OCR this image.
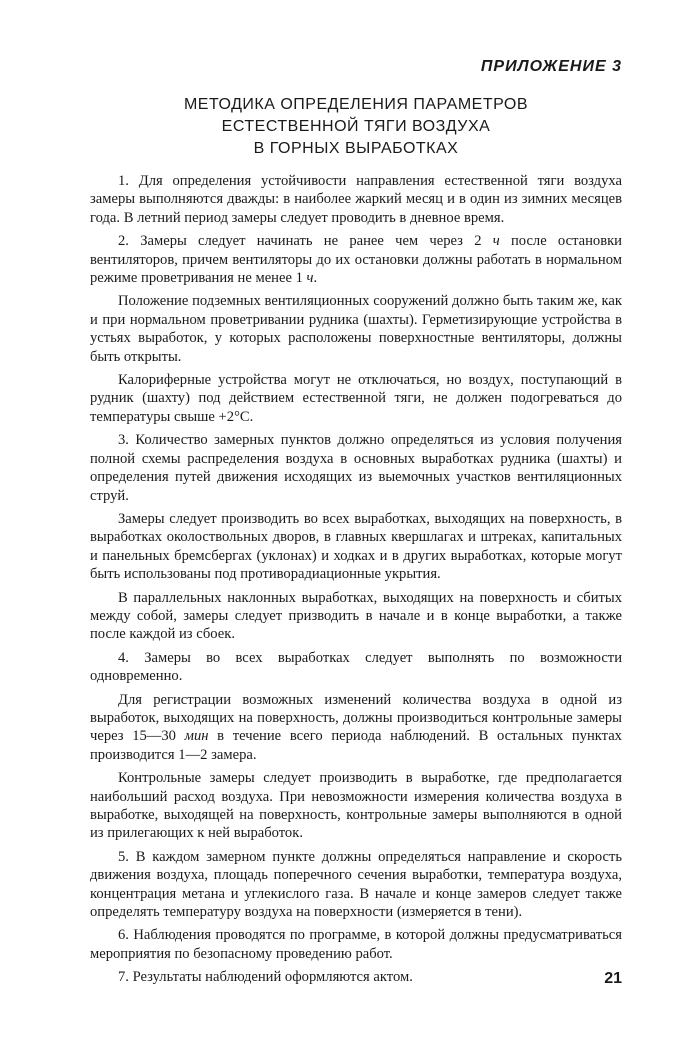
ПРИЛОЖЕНИЕ 3
МЕТОДИКА ОПРЕДЕЛЕНИЯ ПАРАМЕТРОВ
ЕСТЕСТВЕННОЙ ТЯГИ ВОЗДУХА
В ГОРНЫХ ВЫРАБОТКАХ

1. Для определения устойчивости направления естественной тяги воздуха замеры выполняются дважды: в наиболее жаркий месяц и в один из зимних месяцев года. В летний период замеры следует проводить в дневное время.

2. Замеры следует начинать не ранее чем через 2 ч после остановки вентиляторов, причем вентиляторы до их остановки должны работать в нормальном режиме проветривания не менее 1 ч.

Положение подземных вентиляционных сооружений должно быть таким же, как и при нормальном проветривании рудника (шахты). Герметизирующие устройства в устьях выработок, у которых расположены поверхностные вентиляторы, должны быть открыты.

Калориферные устройства могут не отключаться, но воздух, поступающий в рудник (шахту) под действием естественной тяги, не должен подогреваться до температуры свыше +2°С.

3. Количество замерных пунктов должно определяться из условия получения полной схемы распределения воздуха в основных выработках рудника (шахты) и определения путей движения исходящих из выемочных участков вентиляционных струй.

Замеры следует производить во всех выработках, выходящих на поверхность, в выработках околоствольных дворов, в главных квершлагах и штреках, капитальных и панельных бремсбергах (уклонах) и ходках и в других выработках, которые могут быть использованы под противорадиационные укрытия.

В параллельных наклонных выработках, выходящих на поверхность и сбитых между собой, замеры следует призводить в начале и в конце выработки, а также после каждой из сбоек.

4. Замеры во всех выработках следует выполнять по возможности одновременно.

Для регистрации возможных изменений количества воздуха в одной из выработок, выходящих на поверхность, должны производиться контрольные замеры через 15—30 мин в течение всего периода наблюдений. В остальных пунктах производится 1—2 замера.

Контрольные замеры следует производить в выработке, где предполагается наибольший расход воздуха. При невозможности измерения количества воздуха в выработке, выходящей на поверхность, контрольные замеры выполняются в одной из прилегающих к ней выработок.

5. В каждом замерном пункте должны определяться направление и скорость движения воздуха, площадь поперечного сечения выработки, температура воздуха, концентрация метана и углекислого газа. В начале и конце замеров следует также определять температуру воздуха на поверхности (измеряется в тени).

6. Наблюдения проводятся по программе, в которой должны предусматриваться мероприятия по безопасному проведению работ.

7. Результаты наблюдений оформляются актом.	21
